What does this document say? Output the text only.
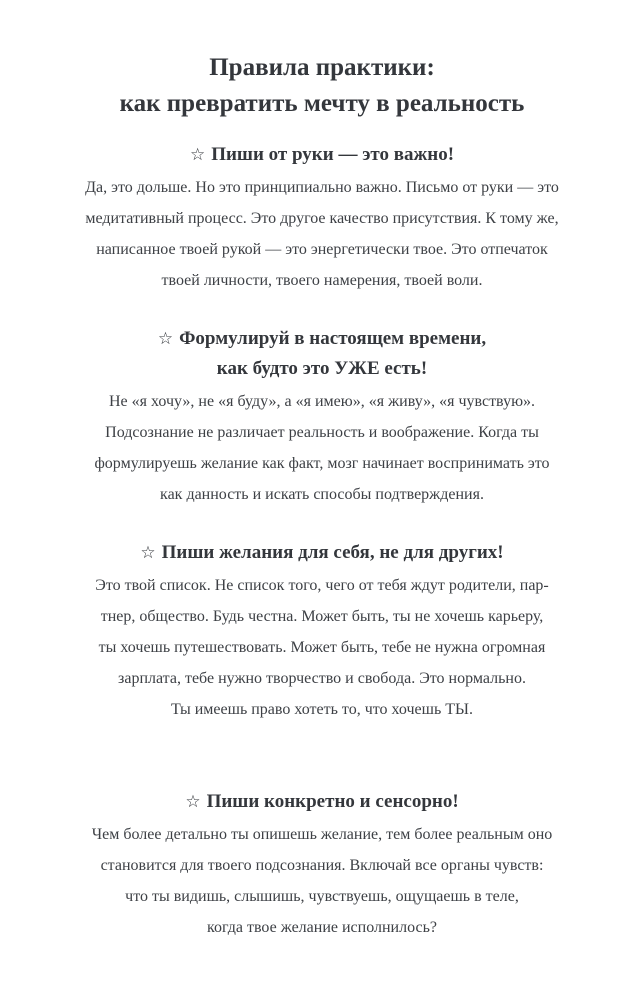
Правила практики:
как превратить мечту в реальность
☆ Пиши от руки — это важно!
Да, это дольше. Но это принципиально важно. Письмо от руки — это
медитативный процесс. Это другое качество присутствия. К тому же,
написанное твоей рукой — это энергетически твое. Это отпечаток
твоей личности, твоего намерения, твоей воли.
☆ Формулируй в настоящем времени,
как будто это УЖЕ есть!
Не «я хочу», не «я буду», а «я имею», «я живу», «я чувствую».
Подсознание не различает реальность и воображение. Когда ты
формулируешь желание как факт, мозг начинает воспринимать это
как данность и искать способы подтверждения.
☆ Пиши желания для себя, не для других!
Это твой список. Не список того, чего от тебя ждут родители, пар-
тнер, общество. Будь честна. Может быть, ты не хочешь карьеру,
ты хочешь путешествовать. Может быть, тебе не нужна огромная
зарплата, тебе нужно творчество и свобода. Это нормально.
Ты имеешь право хотеть то, что хочешь ТЫ.
☆ Пиши конкретно и сенсорно!
Чем более детально ты опишешь желание, тем более реальным оно
становится для твоего подсознания. Включай все органы чувств:
что ты видишь, слышишь, чувствуешь, ощущаешь в теле,
когда твое желание исполнилось?
